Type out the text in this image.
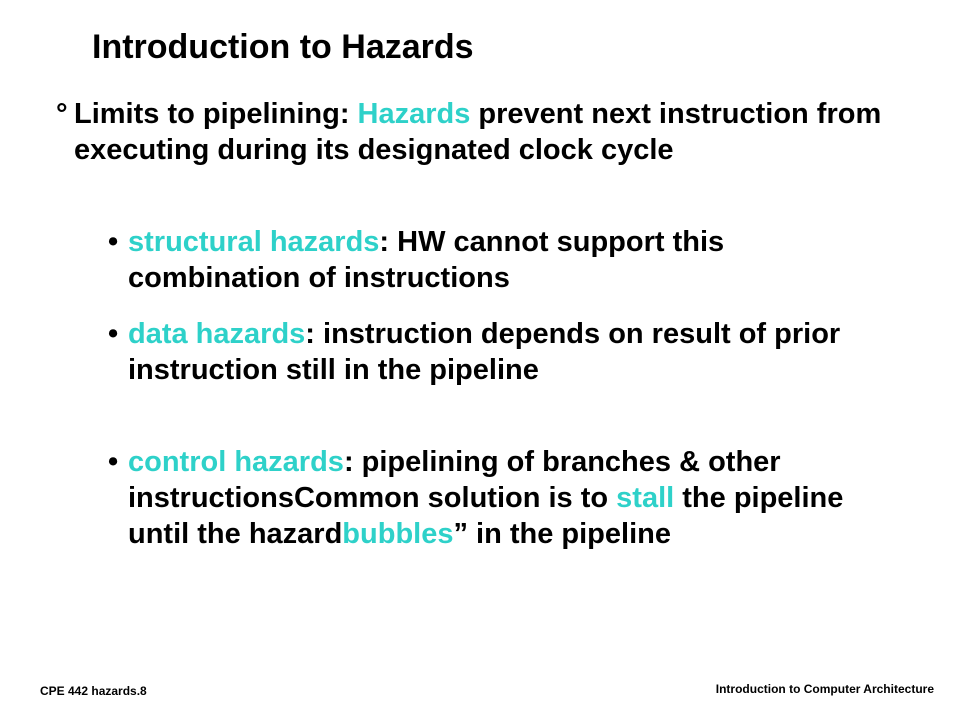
Introduction to Hazards
° Limits to pipelining: Hazards prevent next instruction from executing during its designated clock cycle
• structural hazards: HW cannot support this combination of instructions
• data hazards: instruction depends on result of prior instruction still in the pipeline
• control hazards: pipelining of branches & other instructionsCommon solution is to stall the pipeline until the hazardbubbles” in the pipeline
CPE 442 hazards.8	Introduction to Computer Architecture
